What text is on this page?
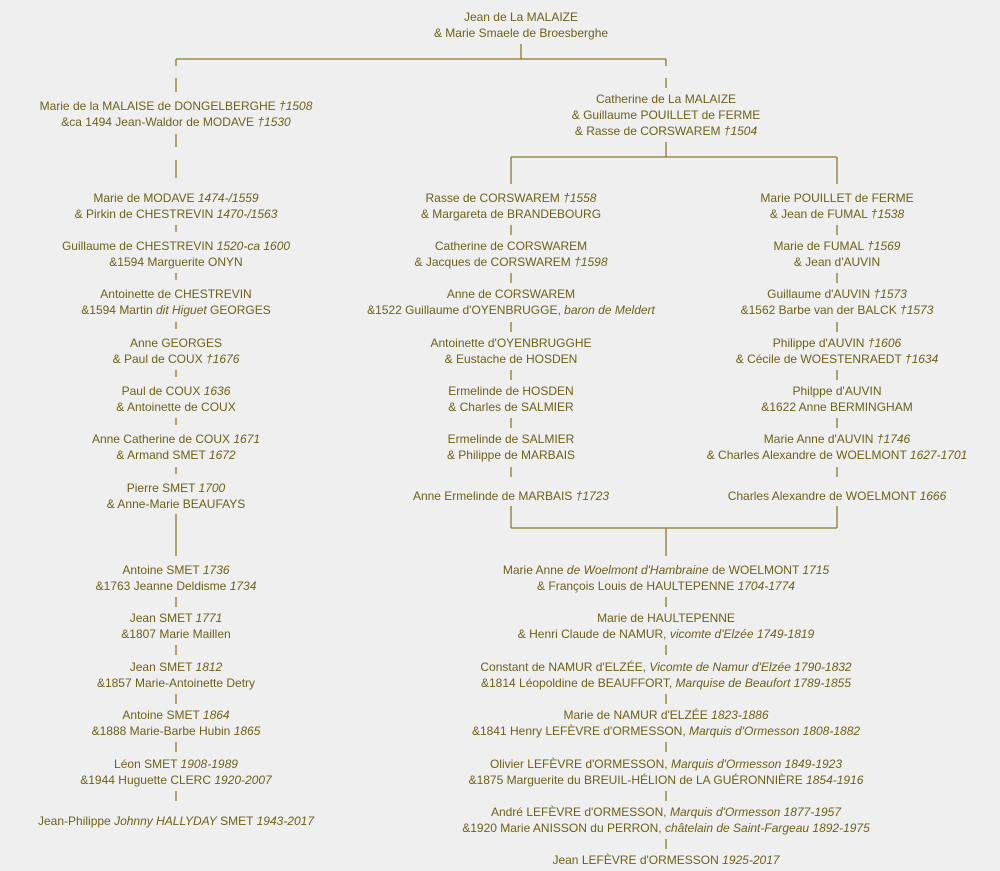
Jean de La MALAIZE
& Marie Smaele de Broesberghe
Marie de la MALAISE de DONGELBERGHE †1508
&ca 1494 Jean-Waldor de MODAVE †1530
Catherine de La MALAIZE
& Guillaume POUILLET de FERME
& Rasse de CORSWAREM †1504
Marie de MODAVE 1474-/1559
& Pirkin de CHESTREVIN 1470-/1563
Guillaume de CHESTREVIN 1520-ca 1600
&1594 Marguerite ONYN
Antoinette de CHESTREVIN
&1594 Martin dit Higuet GEORGES
Anne GEORGES
& Paul de COUX †1676
Paul de COUX 1636
& Antoinette de COUX
Anne Catherine de COUX 1671
& Armand SMET 1672
Pierre SMET 1700
& Anne-Marie BEAUFAYS
Antoine SMET 1736
&1763 Jeanne Deldisme 1734
Jean SMET 1771
&1807 Marie Maillen
Jean SMET 1812
&1857 Marie-Antoinette Detry
Antoine SMET 1864
&1888 Marie-Barbe Hubin 1865
Léon SMET 1908-1989
&1944 Huguette CLERC 1920-2007
Jean-Philippe Johnny HALLYDAY SMET 1943-2017
Rasse de CORSWAREM †1558
& Margareta de BRANDEBOURG
Catherine de CORSWAREM
& Jacques de CORSWAREM †1598
Anne de CORSWAREM
&1522 Guillaume d'OYENBRUGGE, baron de Meldert
Antoinette d'OYENBRUGGHE
& Eustache de HOSDEN
Ermelinde de HOSDEN
& Charles de SALMIER
Ermelinde de SALMIER
& Philippe de MARBAIS
Anne Ermelinde de MARBAIS †1723
Marie POUILLET de FERME
& Jean de FUMAL †1538
Marie de FUMAL †1569
& Jean d'AUVIN
Guillaume d'AUVIN †1573
&1562 Barbe van der BALCK †1573
Philippe d'AUVIN †1606
& Cécile de WOESTENRAEDT †1634
Philppe d'AUVIN
&1622 Anne BERMINGHAM
Marie Anne d'AUVIN †1746
& Charles Alexandre de WOELMONT 1627-1701
Charles Alexandre de WOELMONT 1666
Marie Anne de Woelmont d'Hambraine de WOELMONT 1715
& François Louis de HAULTEPENNE 1704-1774
Marie de HAULTEPENNE
& Henri Claude de NAMUR, vicomte d'Elzée 1749-1819
Constant de NAMUR d'ELZÉE, Vicomte de Namur d'Elzée 1790-1832
&1814 Léopoldine de BEAUFFORT, Marquise de Beaufort 1789-1855
Marie de NAMUR d'ELZÉE 1823-1886
&1841 Henry LEFÈVRE d'ORMESSON, Marquis d'Ormesson 1808-1882
Olivier LEFÈVRE d'ORMESSON, Marquis d'Ormesson 1849-1923
&1875 Marguerite du BREUIL-HÉLION de LA GUÉRONNIÈRE 1854-1916
André LEFÈVRE d'ORMESSON, Marquis d'Ormesson 1877-1957
&1920 Marie ANISSON du PERRON, châtelain de Saint-Fargeau 1892-1975
Jean LEFÈVRE d'ORMESSON 1925-2017
